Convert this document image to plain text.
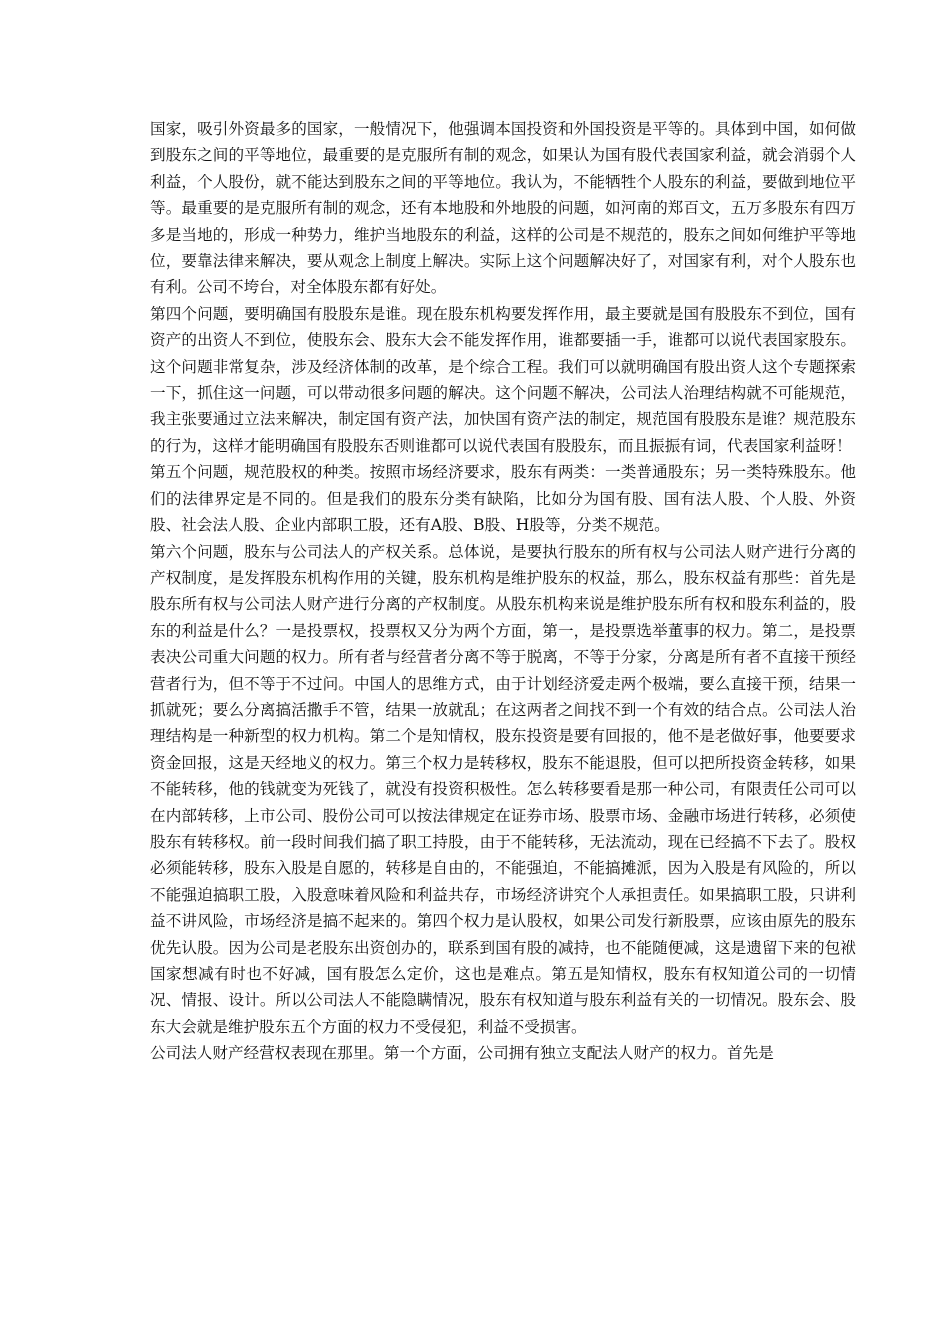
国家，吸引外资最多的国家，一般情况下，他强调本国投资和外国投资是平等的。具体到中国，如何做到股东之间的平等地位，最重要的是克服所有制的观念，如果认为国有股代表国家利益，就会消弱个人利益，个人股份，就不能达到股东之间的平等地位。我认为，不能牺牲个人股东的利益，要做到地位平等。最重要的是克服所有制的观念，还有本地股和外地股的问题，如河南的郑百文，五万多股东有四万多是当地的，形成一种势力，维护当地股东的利益，这样的公司是不规范的，股东之间如何维护平等地位，要靠法律来解决，要从观念上制度上解决。实际上这个问题解决好了，对国家有利，对个人股东也有利。公司不垮台，对全体股东都有好处。

第四个问题，要明确国有股股东是谁。现在股东机构要发挥作用，最主要就是国有股股东不到位，国有资产的出资人不到位，使股东会、股东大会不能发挥作用，谁都要插一手，谁都可以说代表国家股东。这个问题非常复杂，涉及经济体制的改革，是个综合工程。我们可以就明确国有股出资人这个专题探索一下，抓住这一问题，可以带动很多问题的解决。这个问题不解决，公司法人治理结构就不可能规范，我主张要通过立法来解决，制定国有资产法，加快国有资产法的制定，规范国有股股东是谁？规范股东的行为，这样才能明确国有股股东否则谁都可以说代表国有股股东，而且振振有词，代表国家利益呀！

第五个问题，规范股权的种类。按照市场经济要求，股东有两类：一类普通股东；另一类特殊股东。他们的法律界定是不同的。但是我们的股东分类有缺陷，比如分为国有股、国有法人股、个人股、外资股、社会法人股、企业内部职工股，还有A股、B股、H股等，分类不规范。

第六个问题，股东与公司法人的产权关系。总体说，是要执行股东的所有权与公司法人财产进行分离的产权制度，是发挥股东机构作用的关键，股东机构是维护股东的权益，那么，股东权益有那些：首先是股东所有权与公司法人财产进行分离的产权制度。从股东机构来说是维护股东所有权和股东利益的，股东的利益是什么？一是投票权，投票权又分为两个方面，第一，是投票选举董事的权力。第二，是投票表决公司重大问题的权力。所有者与经营者分离不等于脱离，不等于分家，分离是所有者不直接干预经营者行为，但不等于不过问。中国人的思维方式，由于计划经济爱走两个极端，要么直接干预，结果一抓就死；要么分离搞活撒手不管，结果一放就乱；在这两者之间找不到一个有效的结合点。公司法人治理结构是一种新型的权力机构。第二个是知情权，股东投资是要有回报的，他不是老做好事，他要要求资金回报，这是天经地义的权力。第三个权力是转移权，股东不能退股，但可以把所投资金转移，如果不能转移，他的钱就变为死钱了，就没有投资积极性。怎么转移要看是那一种公司，有限责任公司可以在内部转移，上市公司、股份公司可以按法律规定在证券市场、股票市场、金融市场进行转移，必须使股东有转移权。前一段时间我们搞了职工持股，由于不能转移，无法流动，现在已经搞不下去了。股权必须能转移，股东入股是自愿的，转移是自由的，不能强迫，不能搞摊派，因为入股是有风险的，所以不能强迫搞职工股，入股意味着风险和利益共存，市场经济讲究个人承担责任。如果搞职工股，只讲利益不讲风险，市场经济是搞不起来的。第四个权力是认股权，如果公司发行新股票，应该由原先的股东优先认股。因为公司是老股东出资创办的，联系到国有股的减持，也不能随便减，这是遗留下来的包袱国家想减有时也不好减，国有股怎么定价，这也是难点。第五是知情权，股东有权知道公司的一切情况、情报、设计。所以公司法人不能隐瞒情况，股东有权知道与股东利益有关的一切情况。股东会、股东大会就是维护股东五个方面的权力不受侵犯，利益不受损害。

公司法人财产经营权表现在那里。第一个方面，公司拥有独立支配法人财产的权力。首先是
